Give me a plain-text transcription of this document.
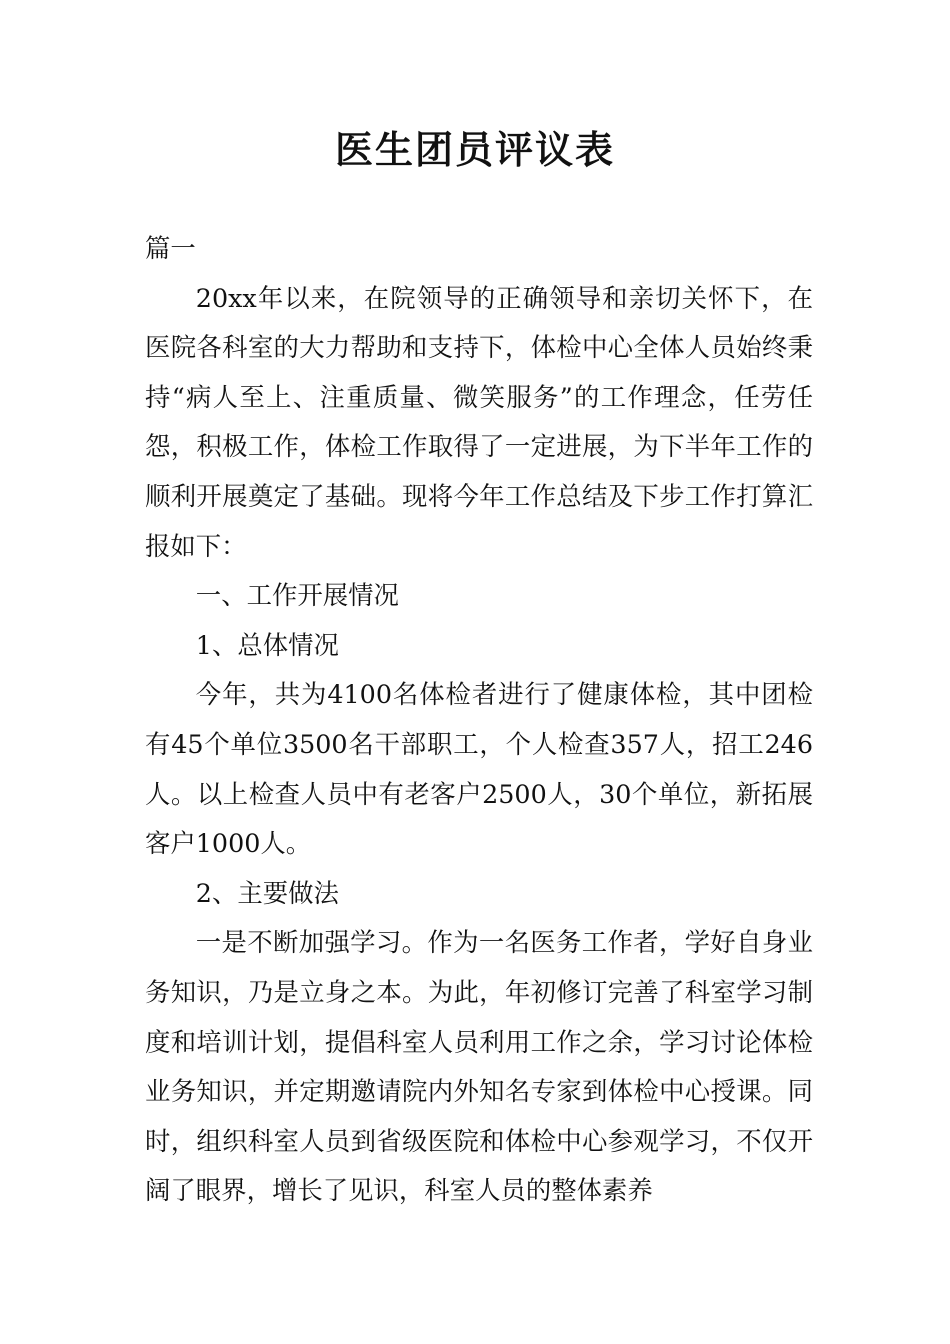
医生团员评议表

篇一

20xx年以来，在院领导的正确领导和亲切关怀下，在医院各科室的大力帮助和支持下，体检中心全体人员始终秉持“病人至上、注重质量、微笑服务”的工作理念，任劳任怨，积极工作，体检工作取得了一定进展，为下半年工作的顺利开展奠定了基础。现将今年工作总结及下步工作打算汇报如下：

一、工作开展情况

1、总体情况

今年，共为4100名体检者进行了健康体检，其中团检有45个单位3500名干部职工，个人检查357人，招工246人。以上检查人员中有老客户2500人，30个单位，新拓展客户1000人。

2、主要做法

一是不断加强学习。作为一名医务工作者，学好自身业务知识，乃是立身之本。为此，年初修订完善了科室学习制度和培训计划，提倡科室人员利用工作之余，学习讨论体检业务知识，并定期邀请院内外知名专家到体检中心授课。同时，组织科室人员到省级医院和体检中心参观学习，不仅开阔了眼界，增长了见识，科室人员的整体素养
